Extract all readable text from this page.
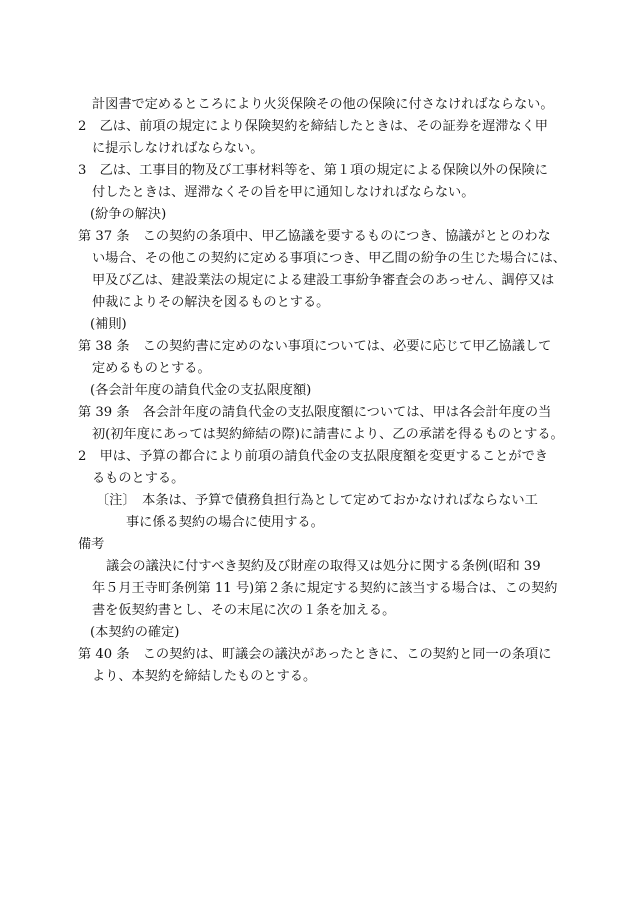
計図書で定めるところにより火災保険その他の保険に付さなければならない。
2　乙は、前項の規定により保険契約を締結したときは、その証券を遅滞なく甲
に提示しなければならない。
3　乙は、工事目的物及び工事材料等を、第１項の規定による保険以外の保険に
付したときは、遅滞なくその旨を甲に通知しなければならない。
(紛争の解決)
第 37 条　この契約の条項中、甲乙協議を要するものにつき、協議がととのわな
い場合、その他この契約に定める事項につき、甲乙間の紛争の生じた場合には、
甲及び乙は、建設業法の規定による建設工事紛争審査会のあっせん、調停又は
仲裁によりその解決を図るものとする。
(補則)
第 38 条　この契約書に定めのない事項については、必要に応じて甲乙協議して
定めるものとする。
(各会計年度の請負代金の支払限度額)
第 39 条　各会計年度の請負代金の支払限度額については、甲は各会計年度の当
初(初年度にあっては契約締結の際)に請書により、乙の承諾を得るものとする。
2　甲は、予算の都合により前項の請負代金の支払限度額を変更することができ
るものとする。
〔注〕　本条は、予算で債務負担行為として定めておかなければならない工
事に係る契約の場合に使用する。
備考
議会の議決に付すべき契約及び財産の取得又は処分に関する条例(昭和 39
年５月王寺町条例第 11 号)第２条に規定する契約に該当する場合は、この契約
書を仮契約書とし、その末尾に次の１条を加える。
(本契約の確定)
第 40 条　この契約は、町議会の議決があったときに、この契約と同一の条項に
より、本契約を締結したものとする。
